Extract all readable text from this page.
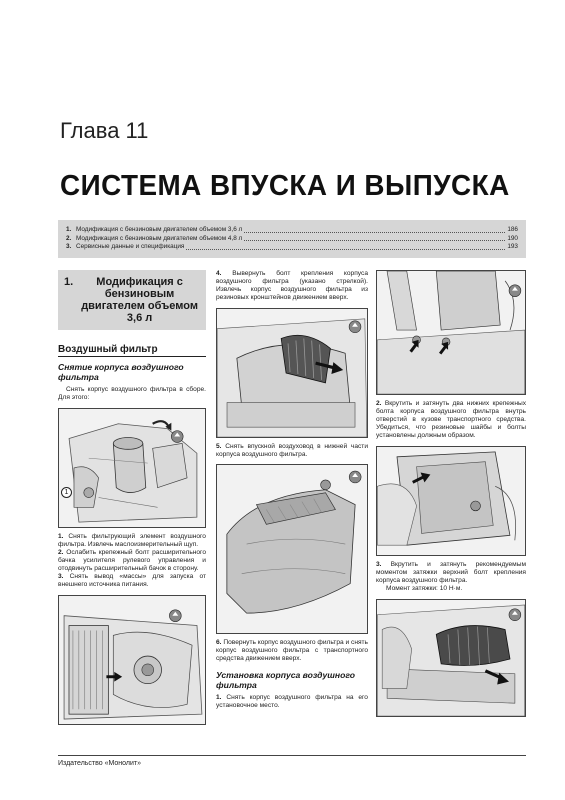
Глава 11
СИСТЕМА ВПУСКА И ВЫПУСКА
1. Модификация с бензиновым двигателем объемом 3,6 л	186
2. Модификация с бензиновым двигателем объемом 4,8 л	190
3. Сервисные данные и спецификация	193
1.	Модификация с бензиновым двигателем объемом 3,6 л
Воздушный фильтр
Снятие корпуса воздушного фильтра

Снять корпус воздушного фильтра в сборе. Для этого:

1

1. Снять фильтрующий элемент воздушного фильтра. Извлечь маслоизмерительный щуп.

2. Ослабить крепежный болт расширительного бачка усилителя рулевого управления и отодвинуть расширительный бачок в сторону.

3. Снять вывод «массы» для запуска от внешнего источника питания.

4. Вывернуть болт крепления корпуса воздушного фильтра (указано стрелкой). Извлечь корпус воздушного фильтра из резиновых кронштейнов движением вверх.

5. Снять впускной воздуховод в нижней части корпуса воздушного фильтра.

6. Повернуть корпус воздушного фильтра и снять корпус воздушного фильтра с транспортного средства движением вверх.

Установка корпуса воздушного фильтра

1. Снять корпус воздушного фильтра на его установочное место.

2. Вкрутить и затянуть два нижних крепежных болта корпуса воздушного фильтра внутрь отверстий в кузове транспортного средства. Убедиться, что резиновые шайбы и болты установлены должным образом.

3. Вкрутить и затянуть рекомендуемым моментом затяжки верхний болт крепления корпуса воздушного фильтра.

Момент затяжки: 10 Н·м.

Издательство «Монолит»
